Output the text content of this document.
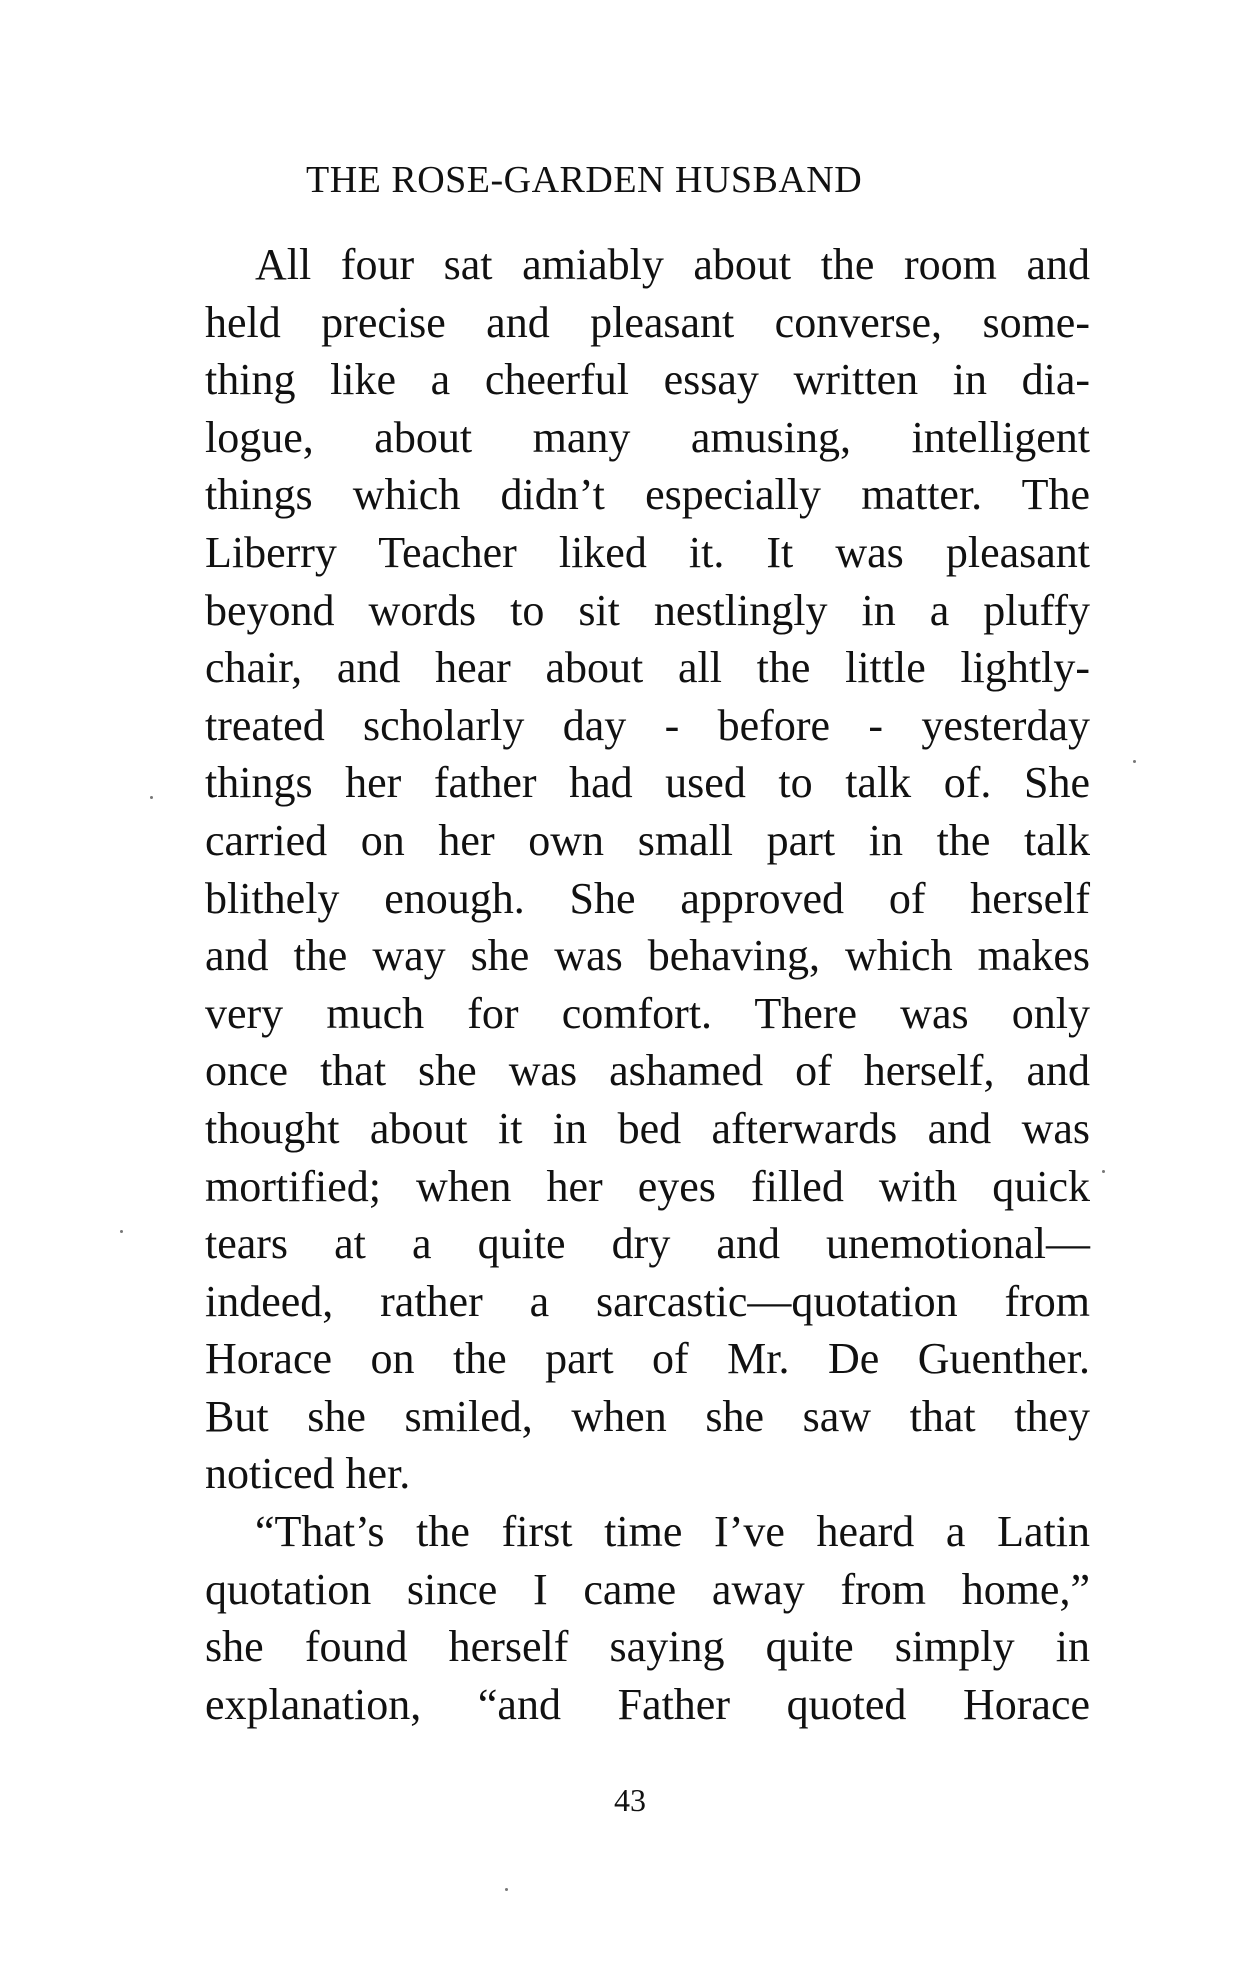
THE ROSE-GARDEN HUSBAND
All four sat amiably about the room and
held precise and pleasant converse, some-
thing like a cheerful essay written in dia-
logue, about many amusing, intelligent
things which didn’t especially matter. The
Liberry Teacher liked it. It was pleasant
beyond words to sit nestlingly in a pluffy
chair, and hear about all the little lightly-
treated scholarly day - before - yesterday
things her father had used to talk of. She
carried on her own small part in the talk
blithely enough. She approved of herself
and the way she was behaving, which makes
very much for comfort. There was only
once that she was ashamed of herself, and
thought about it in bed afterwards and was
mortified; when her eyes filled with quick
tears at a quite dry and unemotional—
indeed, rather a sarcastic—quotation from
Horace on the part of Mr. De Guenther.
But she smiled, when she saw that they
noticed her.
“That’s the first time I’ve heard a Latin
quotation since I came away from home,”
she found herself saying quite simply in
explanation, “and Father quoted Horace
43
